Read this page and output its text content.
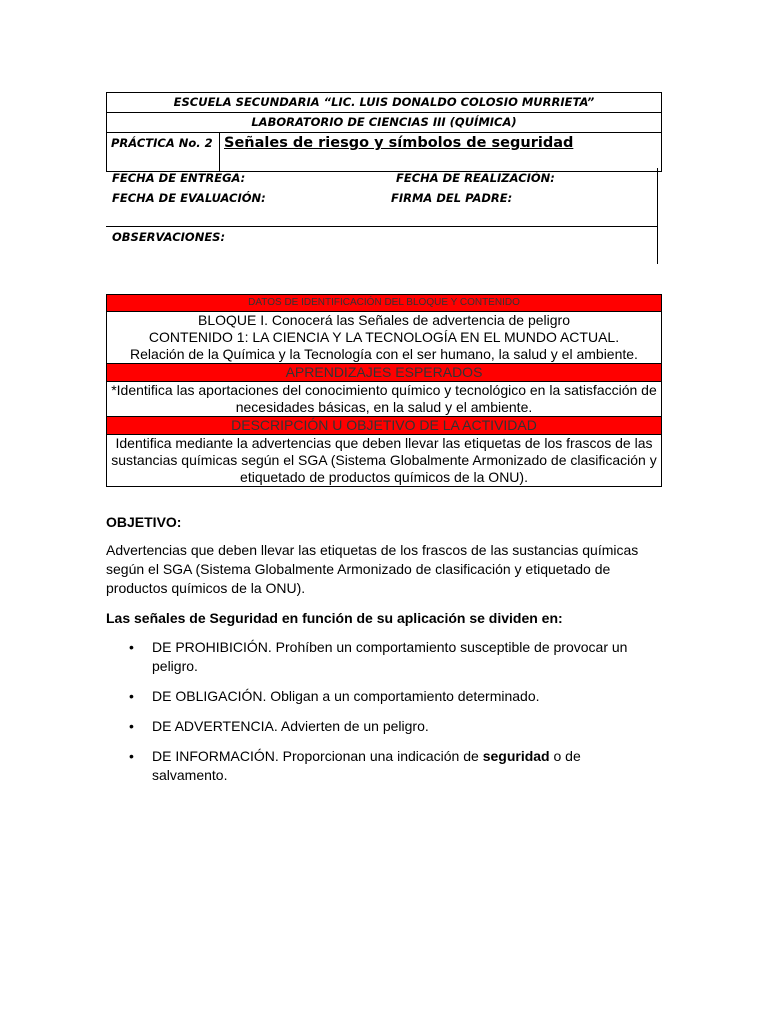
ESCUELA SECUNDARIA “LIC. LUIS DONALDO COLOSIO MURRIETA”
LABORATORIO DE CIENCIAS III (QUÍMICA)
PRÁCTICA No. 2	Señales de riesgo y símbolos de seguridad
FECHA DE ENTREGA:	FECHA DE REALIZACIÓN:
FECHA DE EVALUACIÓN:	FIRMA DEL PADRE:
OBSERVACIONES:
DATOS DE IDENTIFICACIÓN DEL BLOQUE Y CONTENIDO

BLOQUE I. Conocerá las Señales de advertencia de peligro
CONTENIDO 1: LA CIENCIA Y LA TECNOLOGÍA EN EL MUNDO ACTUAL.
Relación de la Química y la Tecnología con el ser humano, la salud y el ambiente.

APRENDIZAJES ESPERADOS
*Identifica las aportaciones del conocimiento químico y tecnológico en la satisfacción de necesidades básicas, en la salud y el ambiente.
DESCRIPCIÓN U OBJETIVO DE LA ACTIVIDAD
Identifica mediante la advertencias que deben llevar las etiquetas de los frascos de las sustancias químicas según el SGA (Sistema Globalmente Armonizado de clasificación y etiquetado de productos químicos de la ONU).
OBJETIVO:
Advertencias que deben llevar las etiquetas de los frascos de las sustancias químicas según el SGA (Sistema Globalmente Armonizado de clasificación y etiquetado de productos químicos de la ONU).
Las señales de Seguridad en función de su aplicación se dividen en:
• DE PROHIBICIÓN. Prohíben un comportamiento susceptible de provocar un peligro.
• DE OBLIGACIÓN. Obligan a un comportamiento determinado.
• DE ADVERTENCIA. Advierten de un peligro.
• DE INFORMACIÓN. Proporcionan una indicación de seguridad o de salvamento.
